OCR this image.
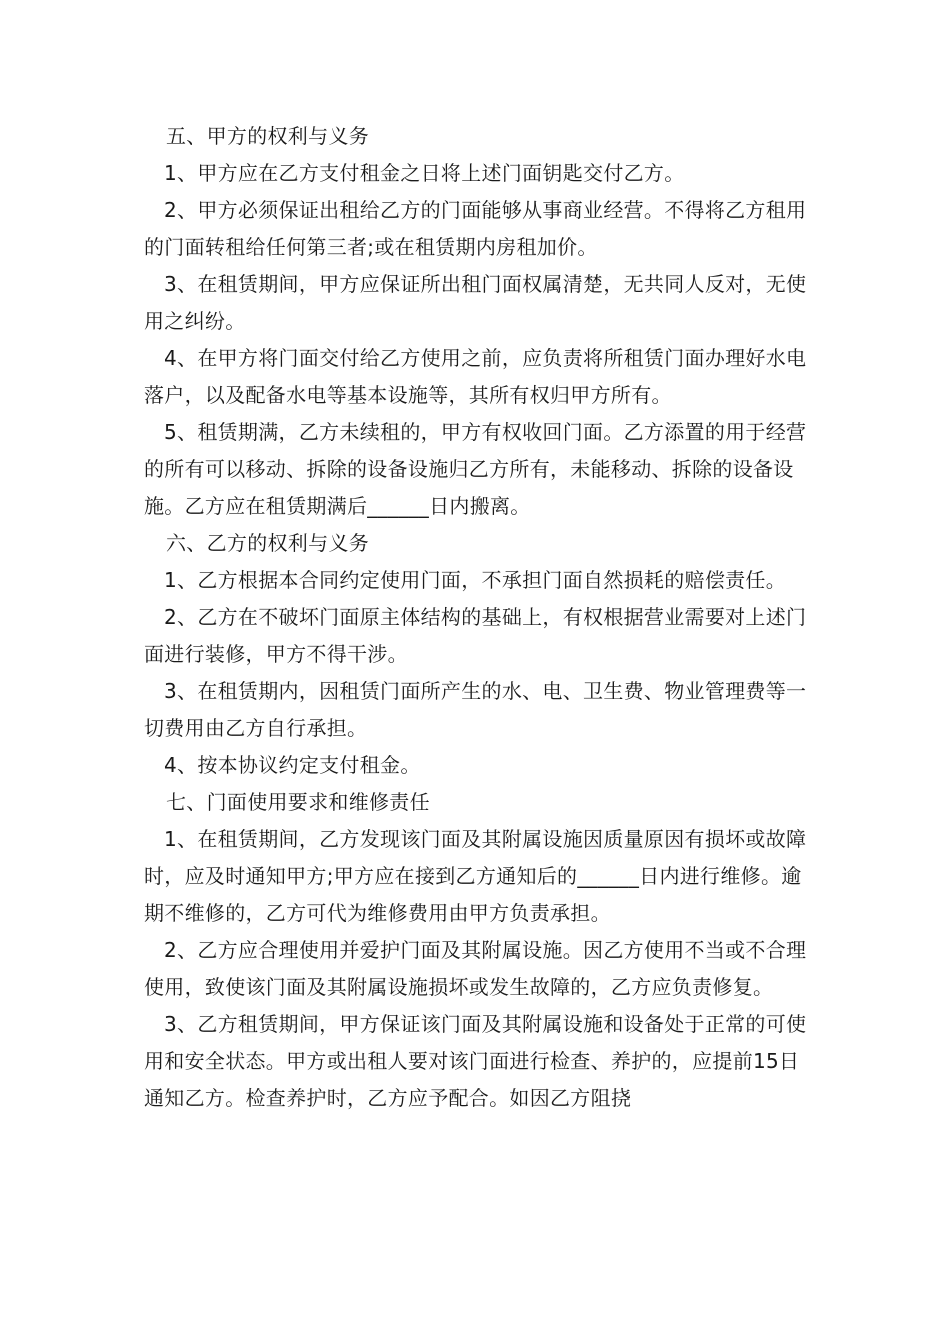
五、甲方的权利与义务

1、甲方应在乙方支付租金之日将上述门面钥匙交付乙方。

2、甲方必须保证出租给乙方的门面能够从事商业经营。不得将乙方租用的门面转租给任何第三者;或在租赁期内房租加价。

3、在租赁期间，甲方应保证所出租门面权属清楚，无共同人反对，无使用之纠纷。

4、在甲方将门面交付给乙方使用之前，应负责将所租赁门面办理好水电落户，以及配备水电等基本设施等，其所有权归甲方所有。

5、租赁期满，乙方未续租的，甲方有权收回门面。乙方添置的用于经营的所有可以移动、拆除的设备设施归乙方所有，未能移动、拆除的设备设施。乙方应在租赁期满后______日内搬离。

六、乙方的权利与义务

1、乙方根据本合同约定使用门面，不承担门面自然损耗的赔偿责任。

2、乙方在不破坏门面原主体结构的基础上，有权根据营业需要对上述门面进行装修，甲方不得干涉。

3、在租赁期内，因租赁门面所产生的水、电、卫生费、物业管理费等一切费用由乙方自行承担。

4、按本协议约定支付租金。

七、门面使用要求和维修责任

1、在租赁期间，乙方发现该门面及其附属设施因质量原因有损坏或故障时，应及时通知甲方;甲方应在接到乙方通知后的______日内进行维修。逾期不维修的，乙方可代为维修费用由甲方负责承担。

2、乙方应合理使用并爱护门面及其附属设施。因乙方使用不当或不合理使用，致使该门面及其附属设施损坏或发生故障的，乙方应负责修复。

3、乙方租赁期间，甲方保证该门面及其附属设施和设备处于正常的可使用和安全状态。甲方或出租人要对该门面进行检查、养护的，应提前15日通知乙方。检查养护时，乙方应予配合。如因乙方阻挠
